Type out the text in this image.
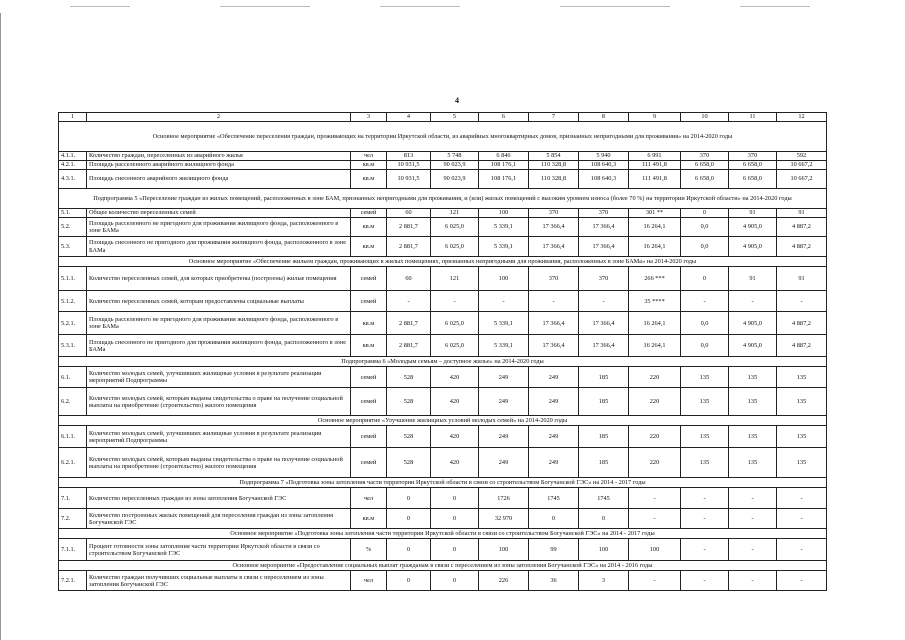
4
1	2	3	4	5	6	7	8	9	10	11	12
Основное мероприятие «Обеспечение переселения граждан, проживающих на территории Иркутской области, из аварийных многоквартирных домов, признанных непригодными для проживания» на 2014-2020 годы											
4.1.1.	Количество граждан, переселенных из аварийного жилья	чел	813	5 748	6 846	5 854	5 940	6 991	370	370	592
4.2.1.	Площадь расселенного аварийного жилищного фонда	кв.м	10 931,5	90 023,9	108 176,1	110 328,8	108 640,3	111 491,8	6 658,0	6 658,0	10 667,2
4.3.1.	Площадь снесенного аварийного жилищного фонда	кв.м	10 931,5	90 023,9	108 176,1	110 328,8	108 640,3	111 491,8	6 658,0	6 658,0	10 667,2
Подпрограмма 5 «Переселение граждан из жилых помещений, расположенных в зоне БАМ, признанных непригодными для проживания, и (или) жилых помещений с высоким уровнем износа (более 70 %) на территории Иркутской области» на 2014-2020 годы											
5.1.	Общее количество переселенных семей	семей	60	121	100	370	370	301 **	0	91	91
5.2.	Площадь расселенного не пригодного для проживания жилищного фонда, расположенного в зоне БАМа	кв.м	2 881,7	6 025,0	5 339,1	17 366,4	17 366,4	16 264,1	0,0	4 905,0	4 887,2
5.3.	Площадь снесенного не пригодного для проживания жилищного фонда, расположенного в зоне БАМа	кв.м	2 881,7	6 025,0	5 339,1	17 366,4	17 366,4	16 264,1	0,0	4 905,0	4 887,2
Основное мероприятие «Обеспечение жильем граждан, проживающих в жилых помещениях, признанных непригодными для проживания, расположенных в зоне БАМа» на 2014-2020 годы											
5.1.1.	Количество переселенных семей, для которых приобретены (построены) жилые помещения	семей	60	121	100	370	370	266 ***	0	91	91
5.1.2.	Количество переселенных семей, которым предоставлены социальные выплаты	семей	-	-	-	-	-	35 ****	-	-	-
5.2.1.	Площадь расселенного не пригодного для проживания жилищного фонда, расположенного в зоне БАМа	кв.м	2 881,7	6 025,0	5 339,1	17 366,4	17 366,4	16 264,1	0,0	4 905,0	4 887,2
5.3.1.	Площадь снесенного не пригодного для проживания жилищного фонда, расположенного в зоне БАМа	кв.м	2 881,7	6 025,0	5 339,1	17 366,4	17 366,4	16 264,1	0,0	4 905,0	4 887,2
Подпрограмма 6 «Молодым семьям – доступное жилье» на 2014-2020 годы											
6.1.	Количество молодых семей, улучшивших жилищные условия в результате реализации мероприятий Подпрограммы	семей	528	420	249	249	185	220	135	135	135
6.2.	Количество молодых семей, которым выданы свидетельства о праве на получение социальной выплаты на приобретение (строительство) жилого помещения	семей	528	420	249	249	185	220	135	135	135
Основное мероприятие «Улучшение жилищных условий молодых семей» на 2014-2020 годы											
6.1.1.	Количество молодых семей, улучшивших жилищные условия в результате реализации мероприятий Подпрограммы	семей	528	420	249	249	185	220	135	135	135
6.2.1.	Количество молодых семей, которым выданы свидетельства о праве на получение социальной выплаты на приобретение (строительство) жилого помещения	семей	528	420	249	249	185	220	135	135	135
Подпрограмма 7 «Подготовка зоны затопления части территории Иркутской области в связи со строительством Богучанской ГЭС» на 2014 - 2017 годы											
7.1.	Количество переселенных граждан из зоны затопления Богучанской ГЭС	чел	0	0	1726	1745	1745	-	-	-	-
7.2.	Количество построенных жилых помещений для переселения граждан из зоны затопления Богучанской ГЭС	кв.м	0	0	32 970	0	0	-	-	-	-
Основное мероприятие «Подготовка зоны затопления части территории Иркутской области в связи со строительством Богучанской ГЭС» на 2014 - 2017 годы											
7.1.1.	Процент готовности зоны затопления части территории Иркутской области в связи со строительством Богучанской ГЭС	%	0	0	100	99	100	100	-	-	-
Основное мероприятие «Предоставление социальных выплат гражданам в связи с переселением из зоны затопления Богучанской ГЭС» на 2014 - 2016 годы											
7.2.1.	Количество граждан получивших социальные выплаты в связи с переселением из зоны затопления Богучанской ГЭС	чел	0	0	226	36	3	-	-	-	-
